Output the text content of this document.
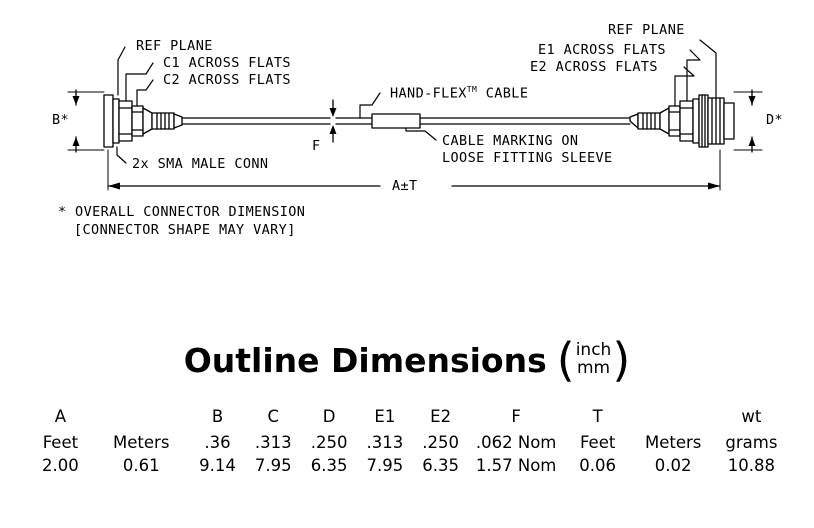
REF PLANE
C1 ACROSS FLATS
C2 ACROSS FLATS
HAND-FLEX™ CABLE
REF PLANE
E1 ACROSS FLATS
E2 ACROSS FLATS
B*	D*
F
2x SMA MALE CONN
CABLE MARKING ON
LOOSE FITTING SLEEVE
A±T
* OVERALL CONNECTOR DIMENSION
[CONNECTOR SHAPE MAY VARY]
Outline Dimensions ( inch
mm )
A		B	C	D	E1	E2	F	T		wt
Feet	Meters	.36	.313	.250	.313	.250	.062 Nom	Feet	Meters	grams
2.00	0.61	9.14	7.95	6.35	7.95	6.35	1.57 Nom	0.06	0.02	10.88
